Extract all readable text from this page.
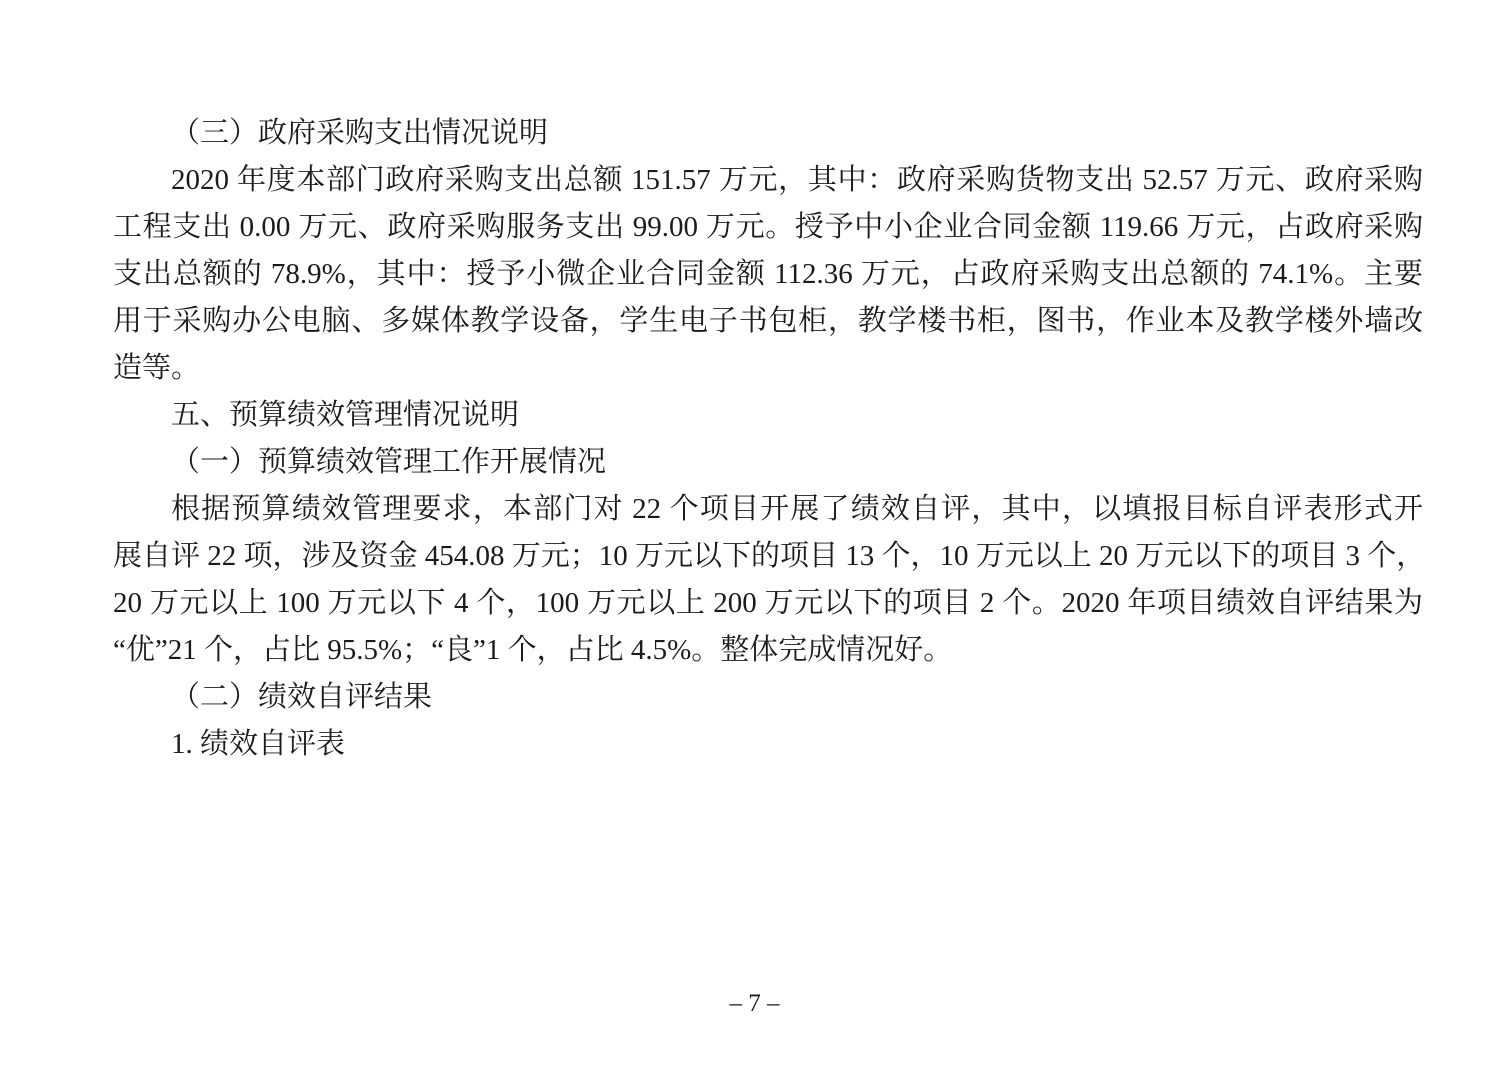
（三）政府采购支出情况说明
2020 年度本部门政府采购支出总额 151.57 万元，其中：政府采购货物支出 52.57 万元、政府采购
工程支出 0.00 万元、政府采购服务支出 99.00 万元。授予中小企业合同金额 119.66 万元，占政府采购
支出总额的 78.9%，其中：授予小微企业合同金额 112.36 万元，占政府采购支出总额的 74.1%。主要
用于采购办公电脑、多媒体教学设备，学生电子书包柜，教学楼书柜，图书，作业本及教学楼外墙改
造等。
五、预算绩效管理情况说明
（一）预算绩效管理工作开展情况
根据预算绩效管理要求，本部门对 22 个项目开展了绩效自评，其中，以填报目标自评表形式开
展自评 22 项，涉及资金 454.08 万元；10 万元以下的项目 13 个，10 万元以上 20 万元以下的项目 3 个，
20 万元以上 100 万元以下 4 个，100 万元以上 200 万元以下的项目 2 个。2020 年项目绩效自评结果为
“优”21 个，占比 95.5%；“良”1 个，占比 4.5%。整体完成情况好。
（二）绩效自评结果
1. 绩效自评表
– 7 –
